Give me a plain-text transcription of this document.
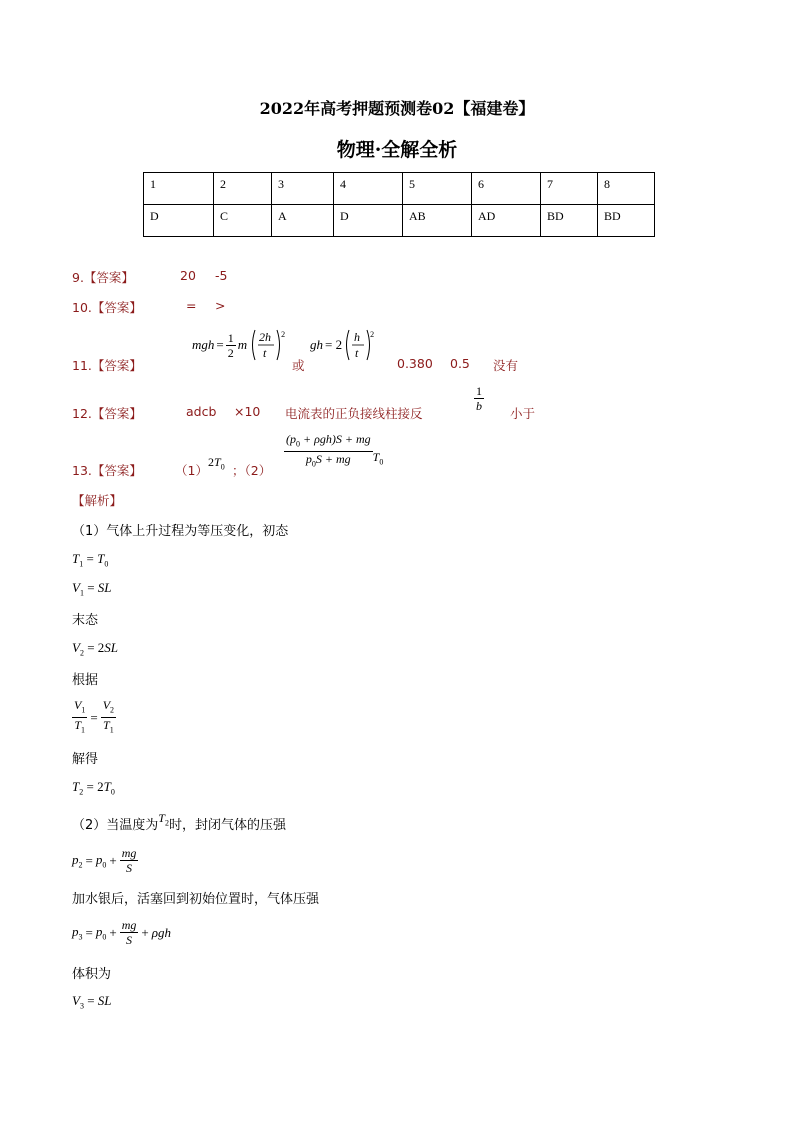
2022年高考押题预测卷02【福建卷】
物理·全解全析
1	2	3	4	5	6	7	8
D	C	A	D	AB	AD	BD	BD
9.【答案】	20 -5
10.【答案】	= >
11.【答案】
mgh = $\frac{1}{2}$ m 2h
t
2
或
gh = 2 h
t
2
0.380 0.5 没有
12.【答案】	adcb ×10 电流表的正负接线柱接反
$\frac{1}{b}$
小于
13.【答案】	（1）
$2T_0$ ；$(2) \frac{(p_0 + \rho gh)S + mg}{p_0S + mg} T_0$
【解析】
（1）气体上升过程为等压变化，初态
$T_1 = T_0$
$V_1$ = SL
末态
$V_2 = 2SL$
根据
$\frac{V_1}{T_1} = \frac{V_2}{T_1}$
解得
$T_2 = 2T_0$
（2）当温度为 $T_2$ 时，封闭气体的压强
$p_2 = p_0 + \frac{mg}{S}$
加水银后，活塞回到初始位置时，气体压强
$p_3 = p_0 + \frac{mg}{S} + \rho gh$
体积为
$V_3$ = SL
